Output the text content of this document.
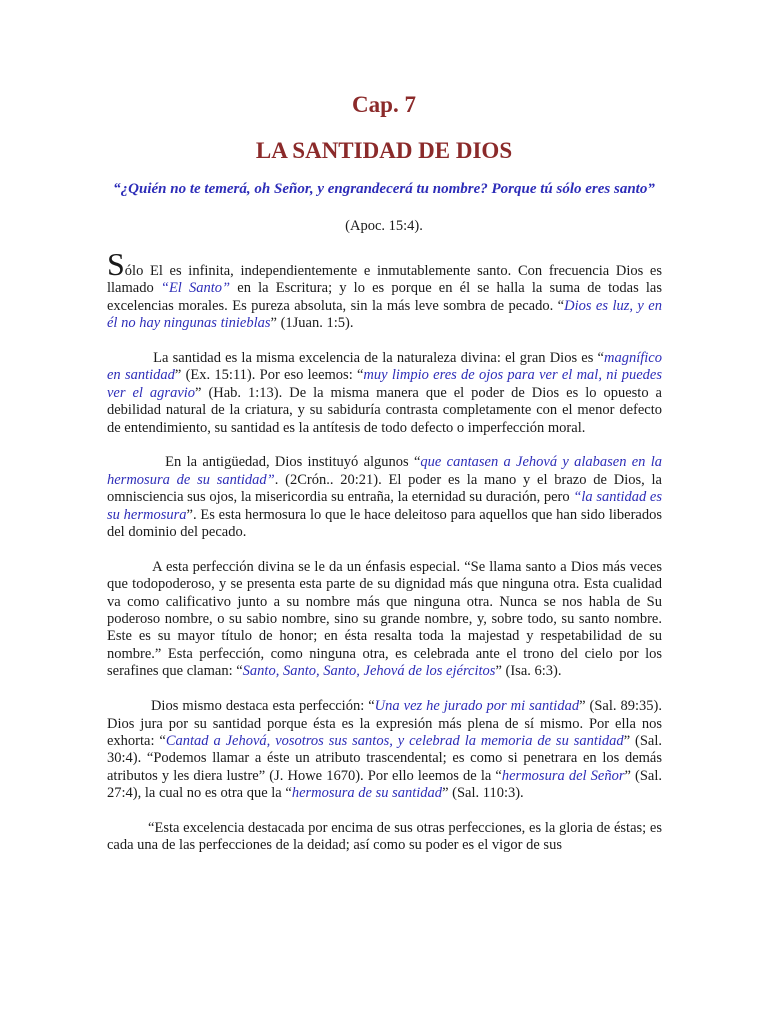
Cap. 7
LA SANTIDAD DE DIOS
“¿Quién no te temerá, oh Señor, y engrandecerá tu nombre? Porque tú sólo eres santo”
(Apoc. 15:4).

Sólo El es infinita, independientemente e inmutablemente santo. Con frecuencia Dios es llamado “El Santo” en la Escritura; y lo es porque en él se halla la suma de todas las excelencias morales. Es pureza absoluta, sin la más leve sombra de pecado. “Dios es luz, y en él no hay ningunas tinieblas” (1Juan. 1:5).

La santidad es la misma excelencia de la naturaleza divina: el gran Dios es “magnífico en santidad” (Ex. 15:11). Por eso leemos: “muy limpio eres de ojos para ver el mal, ni puedes ver el agravio” (Hab. 1:13). De la misma manera que el poder de Dios es lo opuesto a debilidad natural de la criatura, y su sabiduría contrasta completamente con el menor defecto de entendimiento, su santidad es la antítesis de todo defecto o imperfección moral.

En la antigüedad, Dios instituyó algunos “que cantasen a Jehová y alabasen en la hermosura de su santidad”. (2Crón.. 20:21). El poder es la mano y el brazo de Dios, la omnisciencia sus ojos, la misericordia su entraña, la eternidad su duración, pero “la santidad es su hermosura”. Es esta hermosura lo que le hace deleitoso para aquellos que han sido liberados del dominio del pecado.

A esta perfección divina se le da un énfasis especial. “Se llama santo a Dios más veces que todopoderoso, y se presenta esta parte de su dignidad más que ninguna otra. Esta cualidad va como calificativo junto a su nombre más que ninguna otra. Nunca se nos habla de Su poderoso nombre, o su sabio nombre, sino su grande nombre, y, sobre todo, su santo nombre. Este es su mayor título de honor; en ésta resalta toda la majestad y respetabilidad de su nombre.” Esta perfección, como ninguna otra, es celebrada ante el trono del cielo por los serafines que claman: “Santo, Santo, Santo, Jehová de los ejércitos” (Isa. 6:3).

Dios mismo destaca esta perfección: “Una vez he jurado por mi santidad” (Sal. 89:35). Dios jura por su santidad porque ésta es la expresión más plena de sí mismo. Por ella nos exhorta: “Cantad a Jehová, vosotros sus santos, y celebrad la memoria de su santidad” (Sal. 30:4). “Podemos llamar a éste un atributo trascendental; es como si penetrara en los demás atributos y les diera lustre” (J. Howe 1670). Por ello leemos de la “hermosura del Señor” (Sal. 27:4), la cual no es otra que la “hermosura de su santidad” (Sal. 110:3).

“Esta excelencia destacada por encima de sus otras perfecciones, es la gloria de éstas; es cada una de las perfecciones de la deidad; así como su poder es el vigor de sus
